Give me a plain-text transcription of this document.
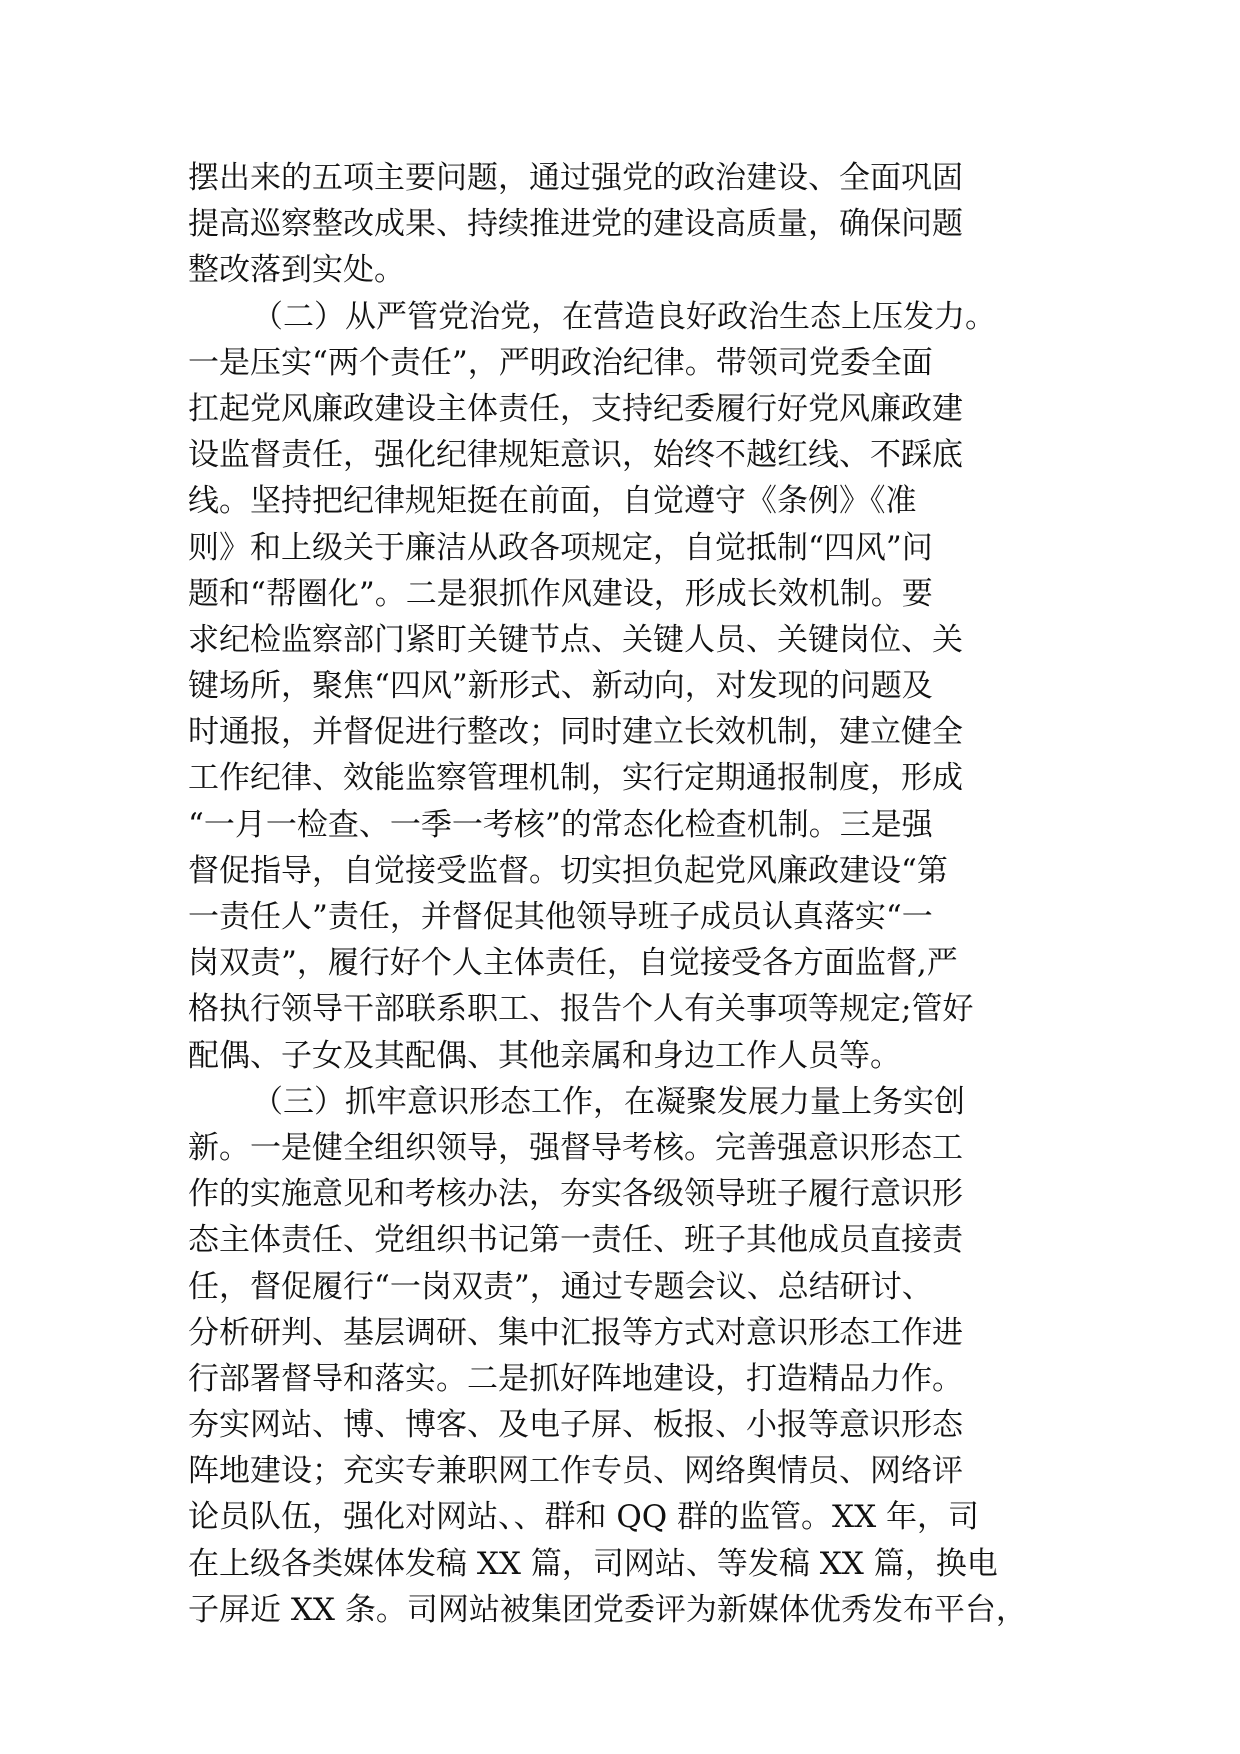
摆出来的五项主要问题，通过强党的政治建设、全面巩固
提高巡察整改成果、持续推进党的建设高质量，确保问题
整改落到实处。
（二）从严管党治党，在营造良好政治生态上压发力。
一是压实“两个责任”，严明政治纪律。带领司党委全面
扛起党风廉政建设主体责任，支持纪委履行好党风廉政建
设监督责任，强化纪律规矩意识，始终不越红线、不踩底
线。坚持把纪律规矩挺在前面，自觉遵守《条例》《准
则》和上级关于廉洁从政各项规定，自觉抵制“四风”问
题和“帮圈化”。二是狠抓作风建设，形成长效机制。要
求纪检监察部门紧盯关键节点、关键人员、关键岗位、关
键场所，聚焦“四风”新形式、新动向，对发现的问题及
时通报，并督促进行整改；同时建立长效机制，建立健全
工作纪律、效能监察管理机制，实行定期通报制度，形成
“一月一检查、一季一考核”的常态化检查机制。三是强
督促指导，自觉接受监督。切实担负起党风廉政建设“第
一责任人”责任，并督促其他领导班子成员认真落实“一
岗双责”，履行好个人主体责任，自觉接受各方面监督,严
格执行领导干部联系职工、报告个人有关事项等规定;管好
配偶、子女及其配偶、其他亲属和身边工作人员等。
（三）抓牢意识形态工作，在凝聚发展力量上务实创
新。一是健全组织领导，强督导考核。完善强意识形态工
作的实施意见和考核办法，夯实各级领导班子履行意识形
态主体责任、党组织书记第一责任、班子其他成员直接责
任，督促履行“一岗双责”，通过专题会议、总结研讨、
分析研判、基层调研、集中汇报等方式对意识形态工作进
行部署督导和落实。二是抓好阵地建设，打造精品力作。
夯实网站、博、博客、及电子屏、板报、小报等意识形态
阵地建设；充实专兼职网工作专员、网络舆情员、网络评
论员队伍，强化对网站、、群和 QQ 群的监管。XX 年，司
在上级各类媒体发稿 XX 篇，司网站、等发稿 XX 篇，换电
子屏近 XX 条。司网站被集团党委评为新媒体优秀发布平台，
